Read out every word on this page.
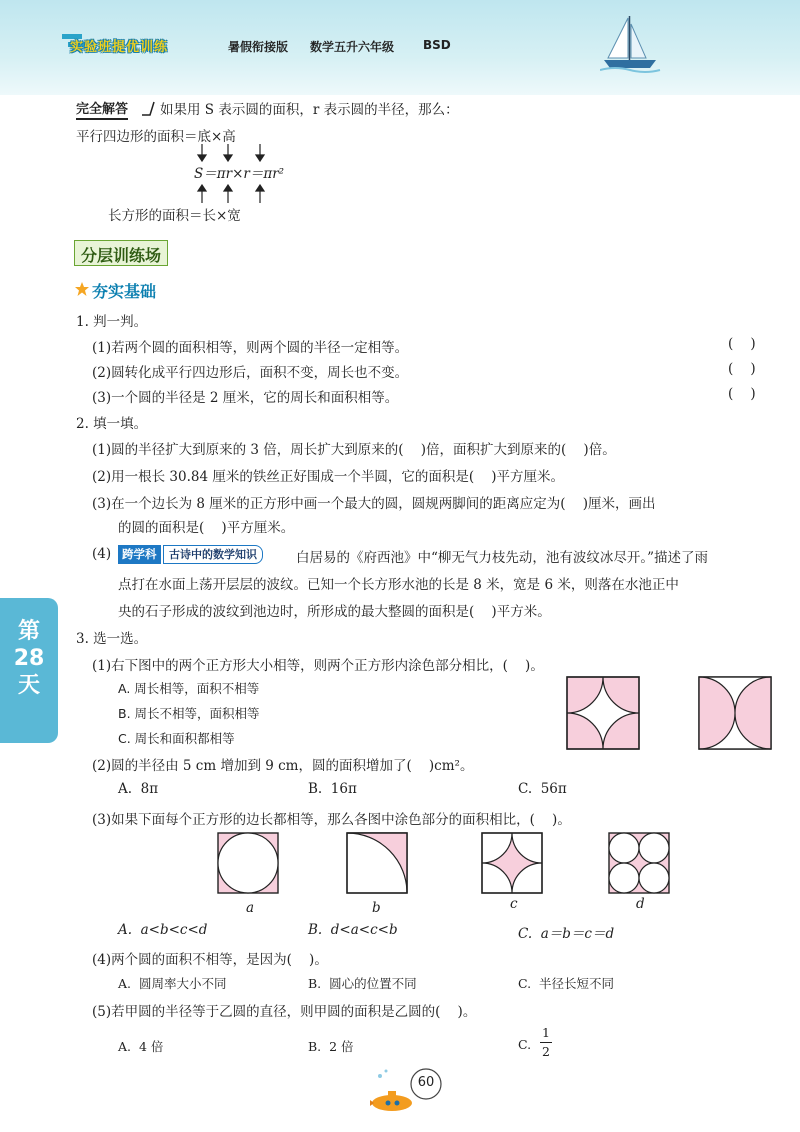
实验班提优训练	暑假衔接版 数学五升六年级 BSD
第28天
完全解答 如果用 S 表示圆的面积，r 表示圆的半径，那么：
平行四边形的面积＝底×高
S＝πr×r＝πr²
长方形的面积＝长×宽
分层训练场
夯实基础
1. 判一判。
(1)若两个圆的面积相等，则两个圆的半径一定相等。	(    )
(2)圆转化成平行四边形后，面积不变，周长也不变。	(    )
(3)一个圆的半径是 2 厘米，它的周长和面积相等。	(    )
2. 填一填。
(1)圆的半径扩大到原来的 3 倍，周长扩大到原来的(    )倍，面积扩大到原来的(    )倍。
(2)用一根长 30.84 厘米的铁丝正好围成一个半圆，它的面积是(    )平方厘米。
(3)在一个边长为 8 厘米的正方形中画一个最大的圆，圆规两脚间的距离应定为(    )厘米，画出
的圆的面积是(    )平方厘米。
(4) 跨学科	古诗中的数学知识	白居易的《府西池》中“柳无气力枝先动，池有波纹冰尽开。”描述了雨
点打在水面上荡开层层的波纹。已知一个长方形水池的长是 8 米，宽是 6 米，则落在水池正中
央的石子形成的波纹到池边时，所形成的最大整圆的面积是(    )平方米。
3. 选一选。
(1)右下图中的两个正方形大小相等，则两个正方形内涂色部分相比，(    )。
A. 周长相等，面积不相等
B. 周长不相等，面积相等
C. 周长和面积都相等
(2)圆的半径由 5 cm 增加到 9 cm，圆的面积增加了(    )cm²。
A.  8π	B.  16π	C.  56π
(3)如果下面每个正方形的边长都相等，那么各图中涂色部分的面积相比，(    )。
a	b	c	d
A.  a<b<c<d	B.  d<a<c<b	C.  a＝b＝c＝d
(4)两个圆的面积不相等，是因为(    )。
A.  圆周率大小不同	B.  圆心的位置不同	C.  半径长短不同
(5)若甲圆的半径等于乙圆的直径，则甲圆的面积是乙圆的(    )。
A.  4 倍	B.  2 倍	C.
1
2
60
